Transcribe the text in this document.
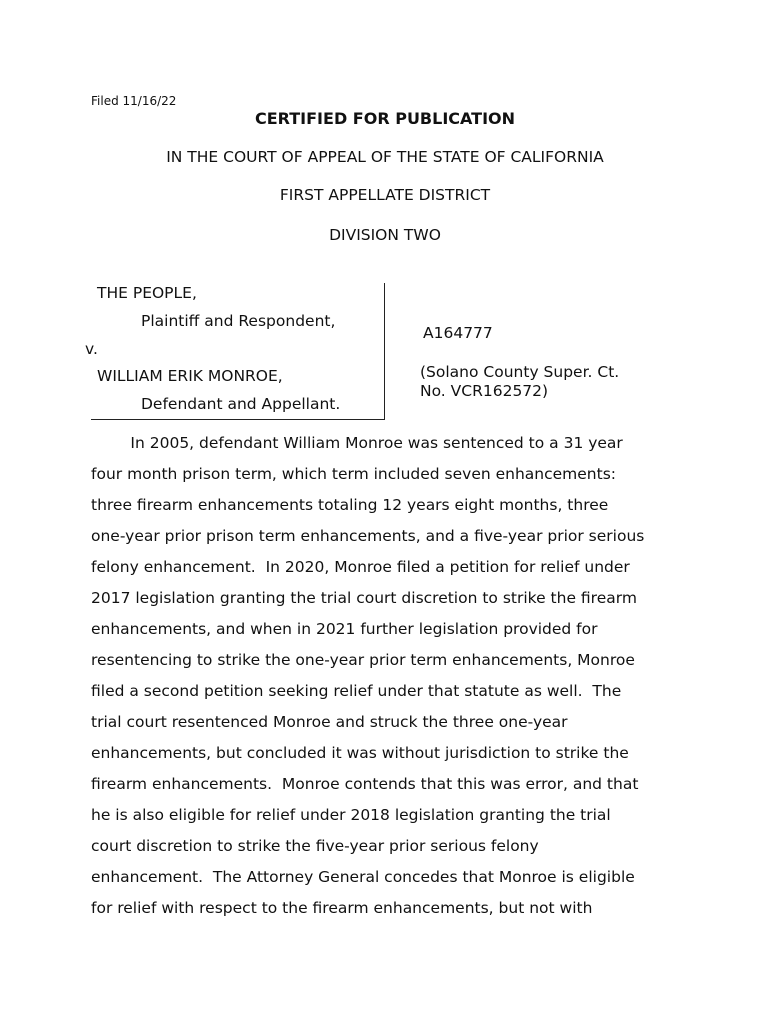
Filed 11/16/22
CERTIFIED FOR PUBLICATION
IN THE COURT OF APPEAL OF THE STATE OF CALIFORNIA
FIRST APPELLATE DISTRICT
DIVISION TWO
THE PEOPLE,
Plaintiff and Respondent,
v.
WILLIAM ERIK MONROE,
Defendant and Appellant.
A164777
(Solano County Super. Ct. No. VCR162572)
In 2005, defendant William Monroe was sentenced to a 31 year
four month prison term, which term included seven enhancements:
three firearm enhancements totaling 12 years eight months, three
one-year prior prison term enhancements, and a five-year prior serious
felony enhancement.  In 2020, Monroe filed a petition for relief under
2017 legislation granting the trial court discretion to strike the firearm
enhancements, and when in 2021 further legislation provided for
resentencing to strike the one-year prior term enhancements, Monroe
filed a second petition seeking relief under that statute as well.  The
trial court resentenced Monroe and struck the three one-year
enhancements, but concluded it was without jurisdiction to strike the
firearm enhancements.  Monroe contends that this was error, and that
he is also eligible for relief under 2018 legislation granting the trial
court discretion to strike the five-year prior serious felony
enhancement.  The Attorney General concedes that Monroe is eligible
for relief with respect to the firearm enhancements, but not with
